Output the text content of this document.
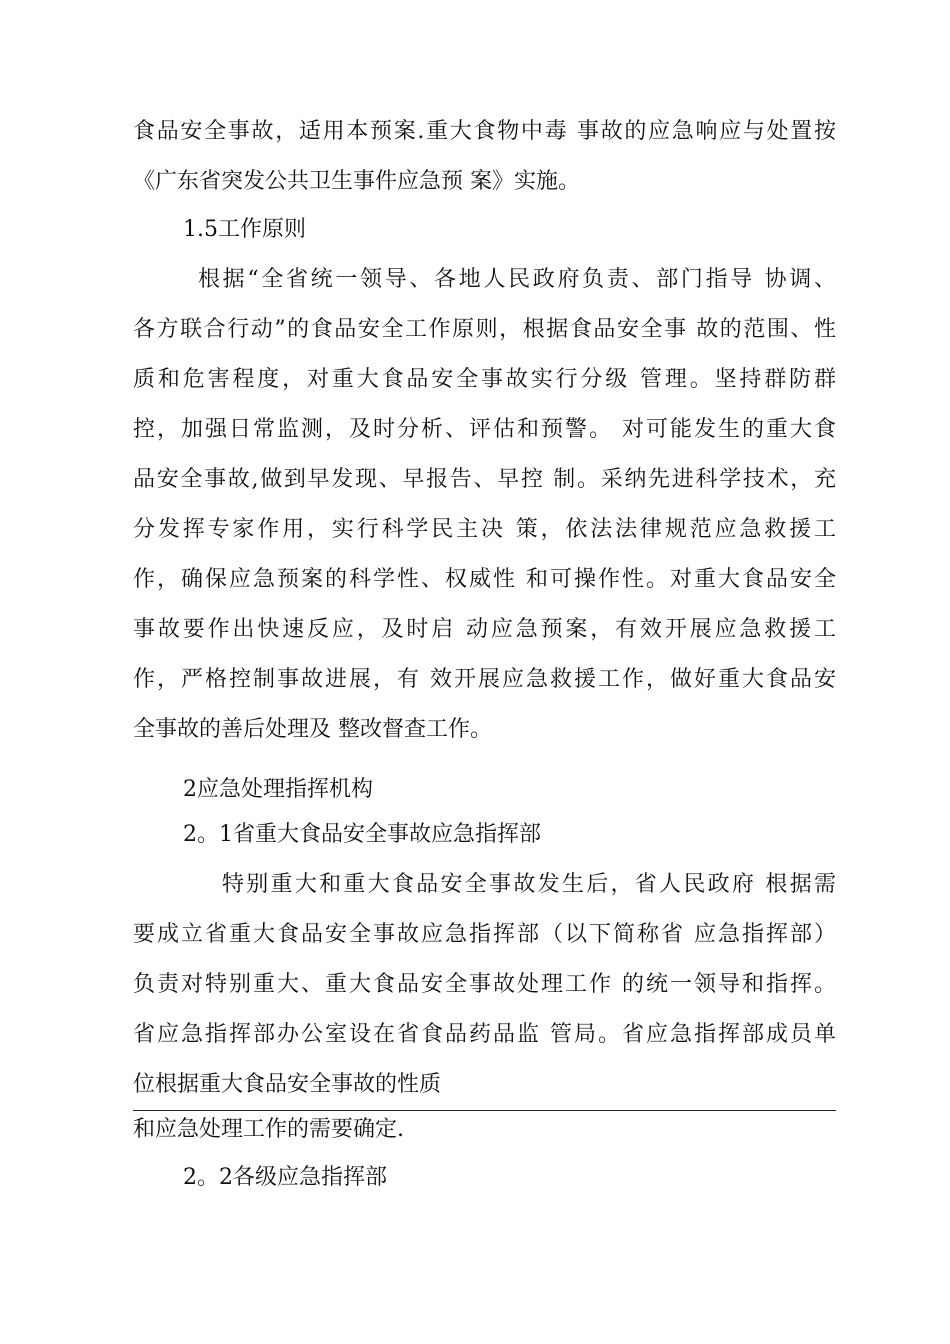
食品安全事故，适用本预案.重大食物中毒 事故的应急响应与处置按
《广东省突发公共卫生事件应急预 案》实施。
1.5工作原则
根据“全省统一领导、各地人民政府负责、部门指导 协调、
各方联合行动”的食品安全工作原则，根据食品安全事 故的范围、性
质和危害程度，对重大食品安全事故实行分级 管理。坚持群防群
控，加强日常监测，及时分析、评估和预警。 对可能发生的重大食
品安全事故,做到早发现、早报告、早控 制。采纳先进科学技术，充
分发挥专家作用，实行科学民主决 策，依法法律规范应急救援工
作，确保应急预案的科学性、权威性 和可操作性。对重大食品安全
事故要作出快速反应，及时启 动应急预案，有效开展应急救援工
作，严格控制事故进展，有 效开展应急救援工作，做好重大食品安
全事故的善后处理及 整改督查工作。
2应急处理指挥机构
2。1省重大食品安全事故应急指挥部
特别重大和重大食品安全事故发生后，省人民政府 根据需
要成立省重大食品安全事故应急指挥部（以下简称省 应急指挥部）
负责对特别重大、重大食品安全事故处理工作 的统一领导和指挥。
省应急指挥部办公室设在省食品药品监 管局。省应急指挥部成员单
位根据重大食品安全事故的性质
和应急处理工作的需要确定.
2。2各级应急指挥部
